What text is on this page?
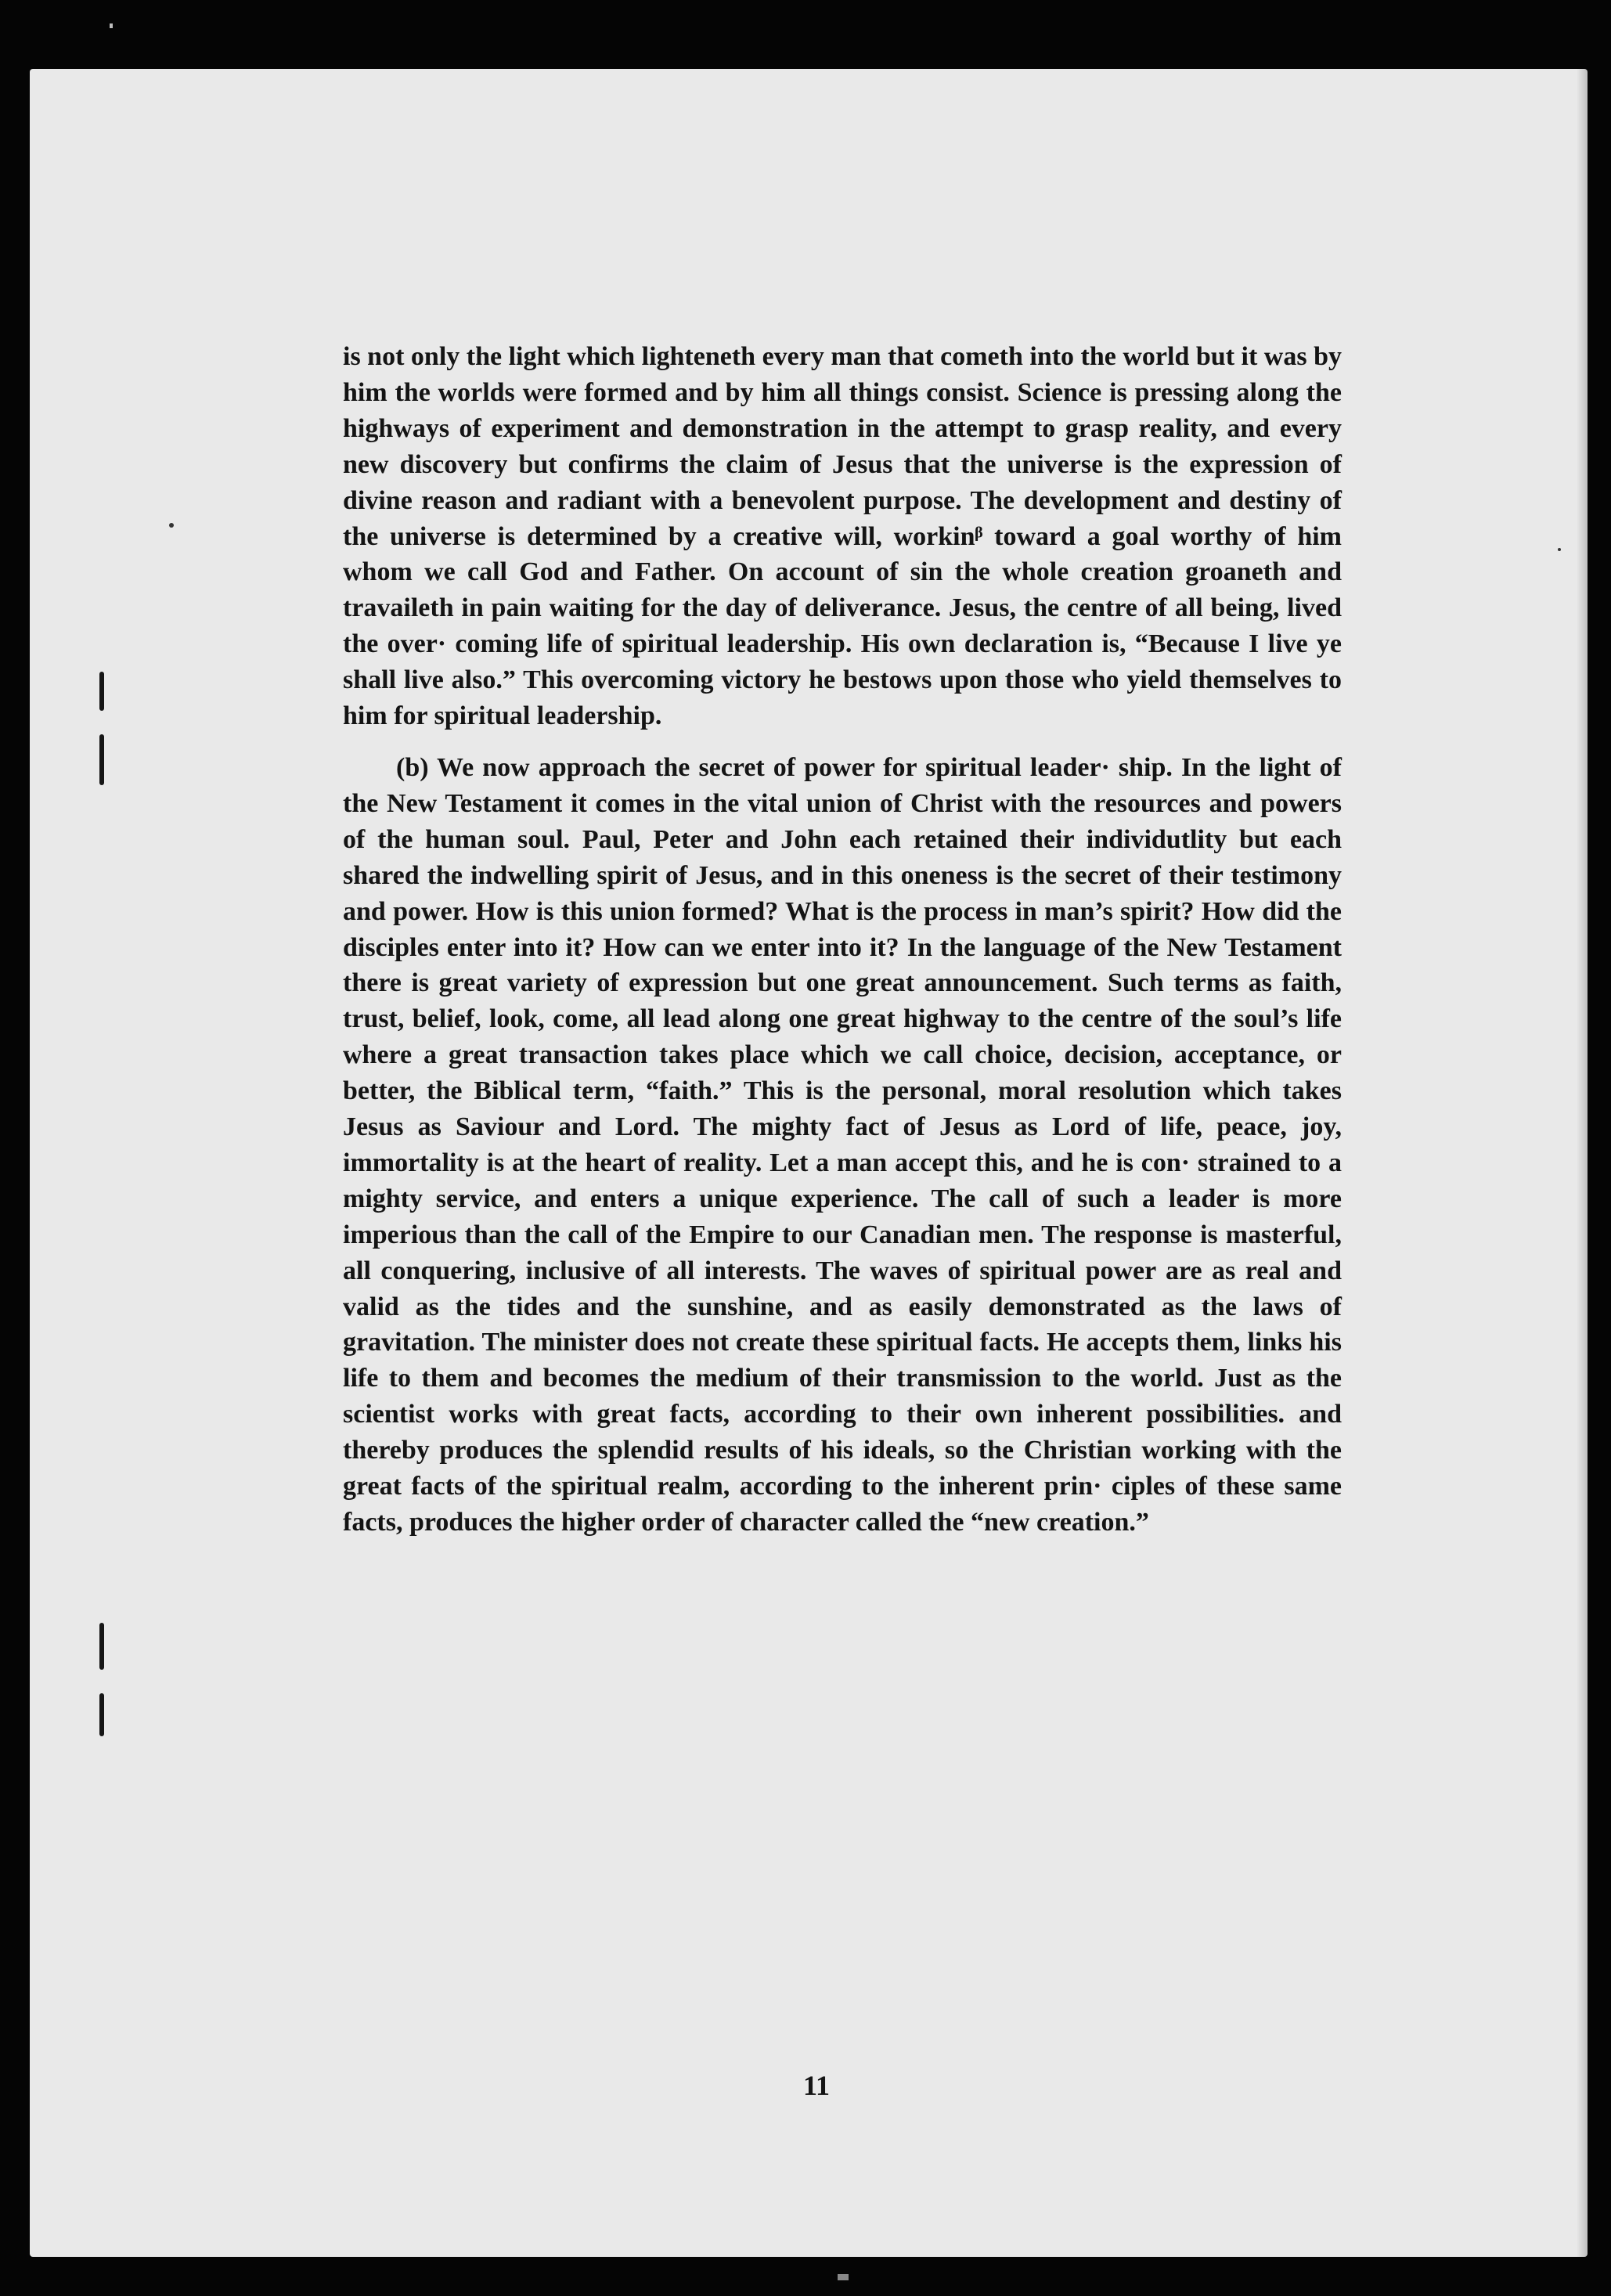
is not only the light which lighteneth every man that cometh into the world but it was by him the worlds were formed and by him all things consist. Science is pressing along the highways of experiment and demonstration in the attempt to grasp reality, and every new discovery but confirms the claim of Jesus that the universe is the expression of divine reason and radiant with a benevolent purpose. The development and destiny of the universe is determined by a creative will, workinᵝ toward a goal worthy of him whom we call God and Father. On account of sin the whole creation groaneth and travaileth in pain waiting for the day of deliverance. Jesus, the centre of all being, lived the over· coming life of spiritual leadership. His own declaration is, “Because I live ye shall live also.” This overcoming victory he bestows upon those who yield themselves to him for spiritual leadership.

(b) We now approach the secret of power for spiritual leader· ship. In the light of the New Testament it comes in the vital union of Christ with the resources and powers of the human soul. Paul, Peter and John each retained their individutlity but each shared the indwelling spirit of Jesus, and in this oneness is the secret of their testimony and power. How is this union formed? What is the process in man’s spirit? How did the disciples enter into it? How can we enter into it? In the language of the New Testament there is great variety of expression but one great announcement. Such terms as faith, trust, belief, look, come, all lead along one great highway to the centre of the soul’s life where a great transaction takes place which we call choice, decision, acceptance, or better, the Biblical term, “faith.” This is the personal, moral resolution which takes Jesus as Saviour and Lord. The mighty fact of Jesus as Lord of life, peace, joy, immortality is at the heart of reality. Let a man accept this, and he is con· strained to a mighty service, and enters a unique experience. The call of such a leader is more imperious than the call of the Empire to our Canadian men. The response is masterful, all conquering, inclusive of all interests. The waves of spiritual power are as real and valid as the tides and the sunshine, and as easily demonstrated as the laws of gravitation. The minister does not create these spiritual facts. He accepts them, links his life to them and becomes the medium of their transmission to the world. Just as the scientist works with great facts, according to their own inherent possibilities. and thereby produces the splendid results of his ideals, so the Christian working with the great facts of the spiritual realm, according to the inherent prin· ciples of these same facts, produces the higher order of character called the “new creation.”

11
